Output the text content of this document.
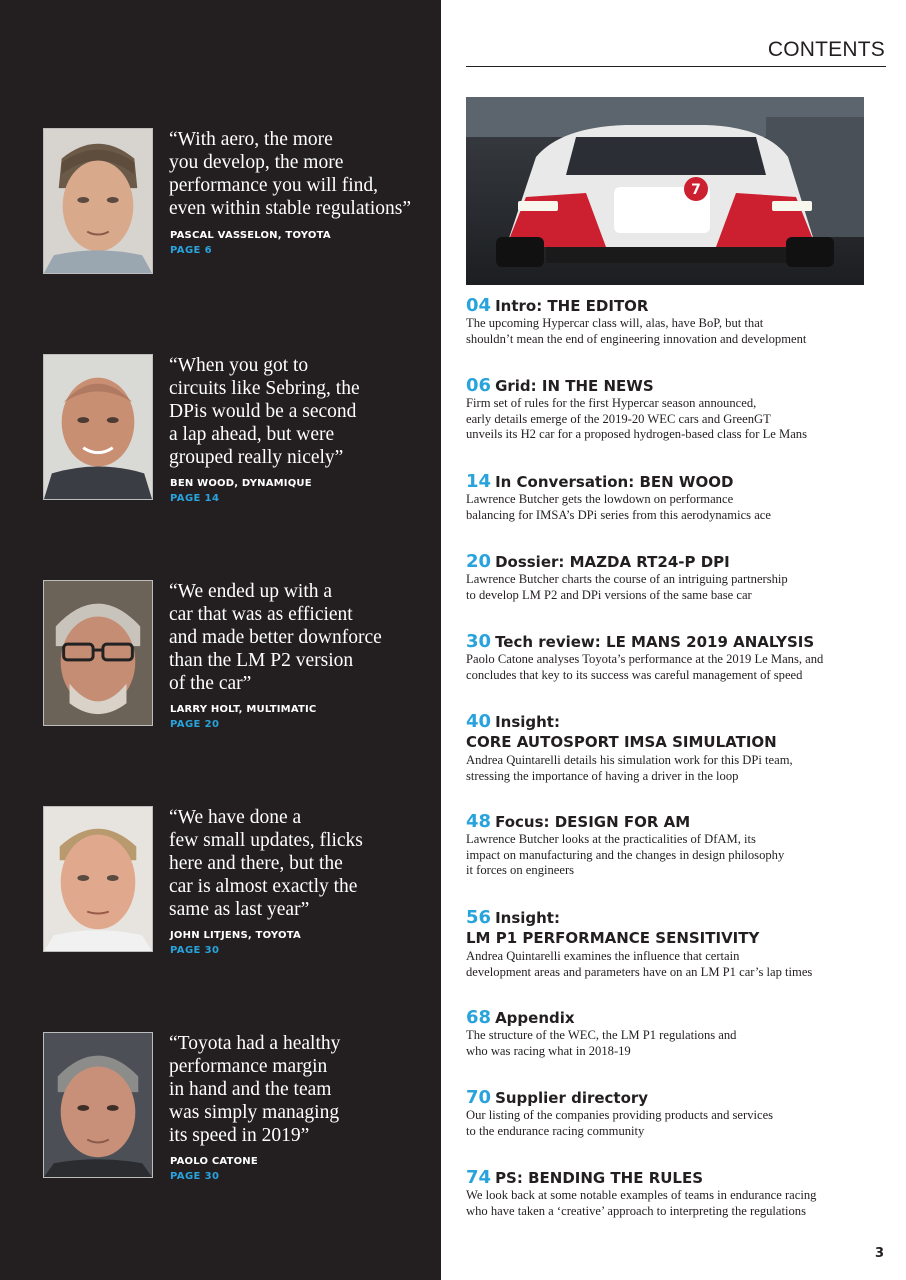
“With aero, the more
you develop, the more
performance you will find,
even within stable regulations”

PASCAL VASSELON, TOYOTA
PAGE 6

“When you got to
circuits like Sebring, the
DPis would be a second
a lap ahead, but were
grouped really nicely”

BEN WOOD, DYNAMIQUE
PAGE 14

“We ended up with a
car that was as efficient
and made better downforce
than the LM P2 version
of the car”

LARRY HOLT, MULTIMATIC
PAGE 20

“We have done a
few small updates, flicks
here and there, but the
car is almost exactly the
same as last year”

JOHN LITJENS, TOYOTA
PAGE 30

“Toyota had a healthy
performance margin
in hand and the team
was simply managing
its speed in 2019”

PAOLO CATONE
PAGE 30
CONTENTS
7
04 Intro: THE EDITOR
The upcoming Hypercar class will, alas, have BoP, but that
shouldn’t mean the end of engineering innovation and development
06 Grid: IN THE NEWS
Firm set of rules for the first Hypercar season announced,
early details emerge of the 2019-20 WEC cars and GreenGT
unveils its H2 car for a proposed hydrogen-based class for Le Mans
14 In Conversation: BEN WOOD
Lawrence Butcher gets the lowdown on performance
balancing for IMSA’s DPi series from this aerodynamics ace
20 Dossier: MAZDA RT24-P DPI
Lawrence Butcher charts the course of an intriguing partnership
to develop LM P2 and DPi versions of the same base car
30 Tech review: LE MANS 2019 ANALYSIS
Paolo Catone analyses Toyota’s performance at the 2019 Le Mans, and
concludes that key to its success was careful management of speed
40 Insight:
CORE AUTOSPORT IMSA SIMULATION
Andrea Quintarelli details his simulation work for this DPi team,
stressing the importance of having a driver in the loop
48 Focus: DESIGN FOR AM
Lawrence Butcher looks at the practicalities of DfAM, its
impact on manufacturing and the changes in design philosophy
it forces on engineers
56 Insight:
LM P1 PERFORMANCE SENSITIVITY
Andrea Quintarelli examines the influence that certain
development areas and parameters have on an LM P1 car’s lap times
68 Appendix
The structure of the WEC, the LM P1 regulations and
who was racing what in 2018-19
70 Supplier directory
Our listing of the companies providing products and services
to the endurance racing community
74 PS: BENDING THE RULES
We look back at some notable examples of teams in endurance racing
who have taken a ‘creative’ approach to interpreting the regulations
3
